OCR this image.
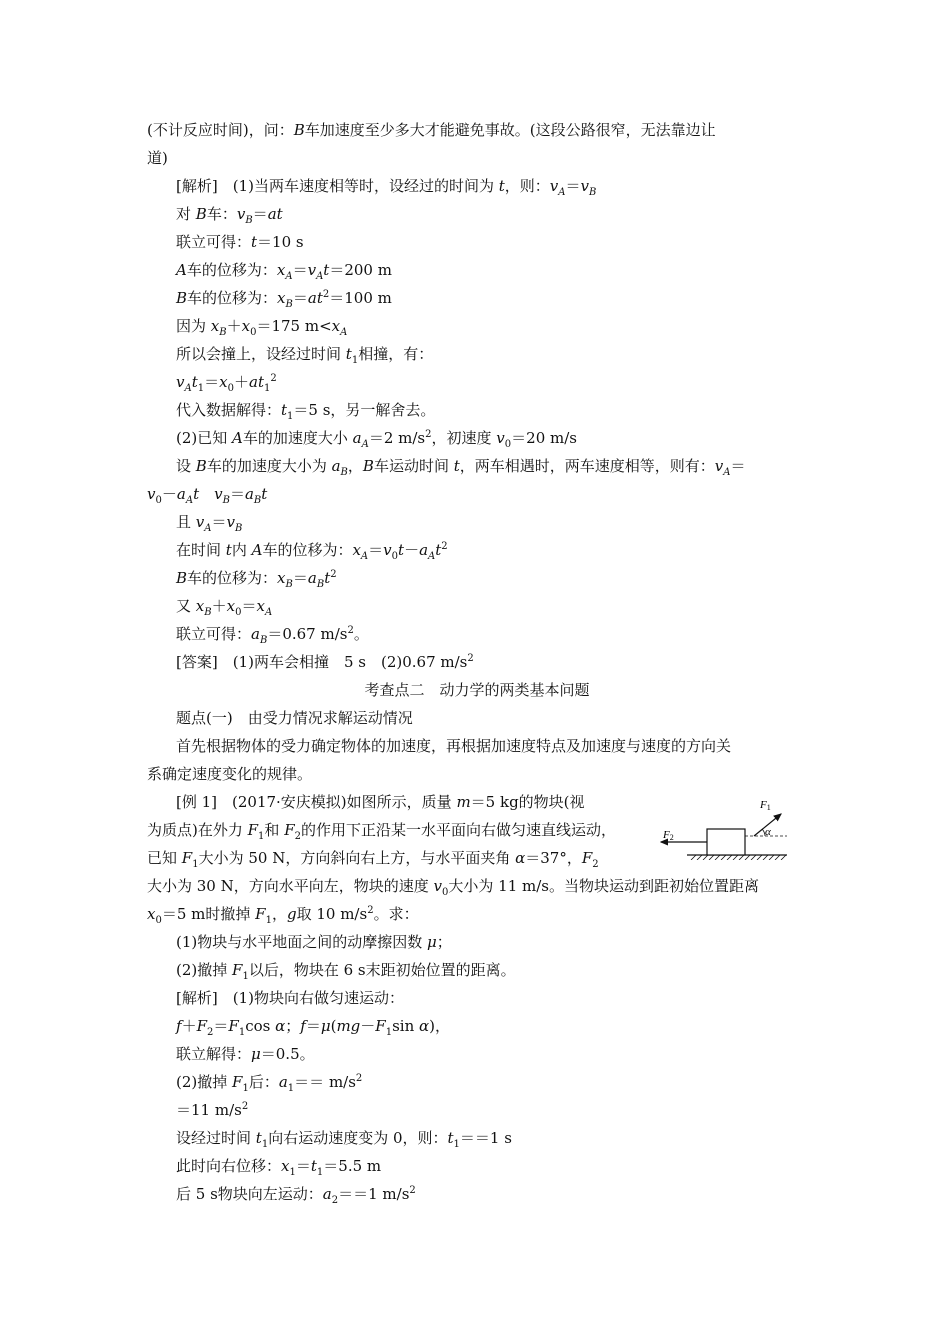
(不计反应时间)，问：B车加速度至少多大才能避免事故。(这段公路很窄，无法靠边让
道)
[解析]　(1)当两车速度相等时，设经过的时间为 t，则：$v_A=v_B$
对 B车：$v_B=at$
联立可得：t＝10 s
A车的位移为：$x_A=v_At=200$ m
B车的位移为：$x_B=at^2=100$ m
因为 $x_B+x_0=175$ $m<x_A$
所以会撞上，设经过时间 $t_1$相撞，有：
$v_At_1=x_0+at_1^2$
代入数据解得：$t_1=5$ s，另一解舍去。
(2)已知 A车的加速度大小 $a_A=2$ $m/s^2$，初速度 $v_0=20$ m/s
设 B车的加速度大小为 $a_B$，B车运动时间 t，两车相遇时，两车速度相等，则有：$v_A=$
$v_0-a_At$　 $v_B=a_Bt$
且 $v_A=v_B$
在时间 t内 A车的位移为：$x_A=v_0t-a_At^2$
B车的位移为：$x_B=a_Bt^2$
又 $x_B+x_0=x_A$
联立可得：$a_B=0.67$ $m/s^2$。
[答案]　(1)两车会相撞　5 s　(2)0.67 $m/s^2$
考查点二　动力学的两类基本问题
题点(一)　由受力情况求解运动情况
首先根据物体的受力确定物体的加速度，再根据加速度特点及加速度与速度的方向关
系确定速度变化的规律。
[例 1]　(2017·安庆模拟)如图所示，质量 m＝5 kg的物块(视
为质点)在外力 $F_1$和 $F_2$的作用下正沿某一水平面向右做匀速直线运动，
已知 $F_1$大小为 50 N，方向斜向右上方，与水平面夹角 α＝37°，$F_2$
大小为 30 N，方向水平向左，物块的速度 $v_0$大小为 11 m/s。当物块运动到距初始位置距离
$x_0=5$ m时撤掉 $F_1$，g取 10 $m/s^2$。求：
(1)物块与水平地面之间的动摩擦因数 μ；
(2)撤掉 $F_1$以后，物块在 6 s末距初始位置的距离。
[解析]　(1)物块向右做匀速运动：
$f+F_2=F_1\cos$ α；$f=\mu(mg-F_1\sin$ α)，
联立解得：μ＝0.5。
(2)撤掉 $F_1$后：$a_1== m/s^2$
＝11 $m/s^2$
设经过时间 $t_1$向右运动速度变为 0，则：$t_1==1$ s
此时向右位移：$x_1=t_1=5.5$ m
后 5 s物块向左运动：$a_2==1$ $m/s^2$
F1
F2	α
